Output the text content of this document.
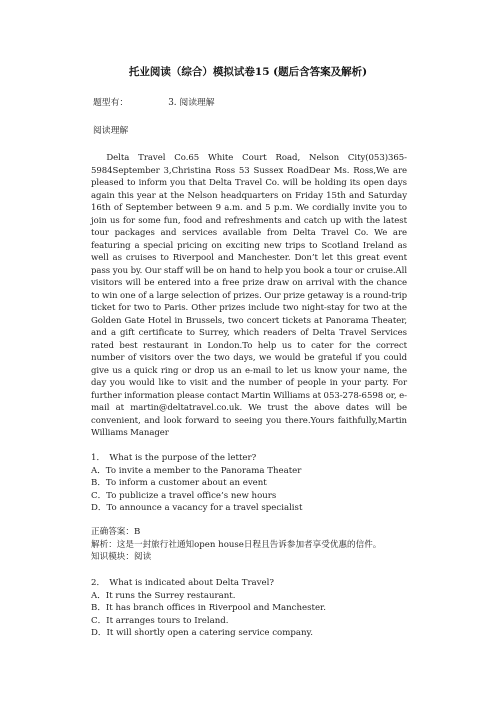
托业阅读（综合）模拟试卷15 (题后含答案及解析)
题型有：	3. 阅读理解
阅读理解
Delta Travel Co.65 White Court Road, Nelson City(053)365-5984September 3,Christina Ross 53 Sussex RoadDear Ms. Ross,We are pleased to inform you that Delta Travel Co. will be holding its open days again this year at the Nelson headquarters on Friday 15th and Saturday 16th of September between 9 a.m. and 5 p.m. We cordially invite you to join us for some fun, food and refreshments and catch up with the latest tour packages and services available from Delta Travel Co. We are featuring a special pricing on exciting new trips to Scotland Ireland as well as cruises to Riverpool and Manchester. Don’t let this great event pass you by. Our staff will be on hand to help you book a tour or cruise.All visitors will be entered into a free prize draw on arrival with the chance to win one of a large selection of prizes. Our prize getaway is a round-trip ticket for two to Paris. Other prizes include two night-stay for two at the Golden Gate Hotel in Brussels, two concert tickets at Panorama Theater, and a gift certificate to Surrey, which readers of Delta Travel Services rated best restaurant in London.To help us to cater for the correct number of visitors over the two days, we would be grateful if you could give us a quick ring or drop us an e-mail to let us know your name, the day you would like to visit and the number of people in your party. For further information please contact Martin Williams at 053-278-6598 or, e-mail at martin@deltatravel.co.uk. We trust the above dates will be convenient, and look forward to seeing you there.Yours faithfully,Martin Williams Manager
1．　What is the purpose of the letter?
A．To invite a member to the Panorama Theater
B．To inform a customer about an event
C．To publicize a travel office’s new hours
D．To announce a vacancy for a travel specialist
正确答案：B
解析：这是一封旅行社通知open house日程且告诉参加者享受优惠的信件。
知识模块：阅读
2．　What is indicated about Delta Travel?
A．It runs the Surrey restaurant.
B．It has branch offices in Riverpool and Manchester.
C．It arranges tours to Ireland.
D．It will shortly open a catering service company.
